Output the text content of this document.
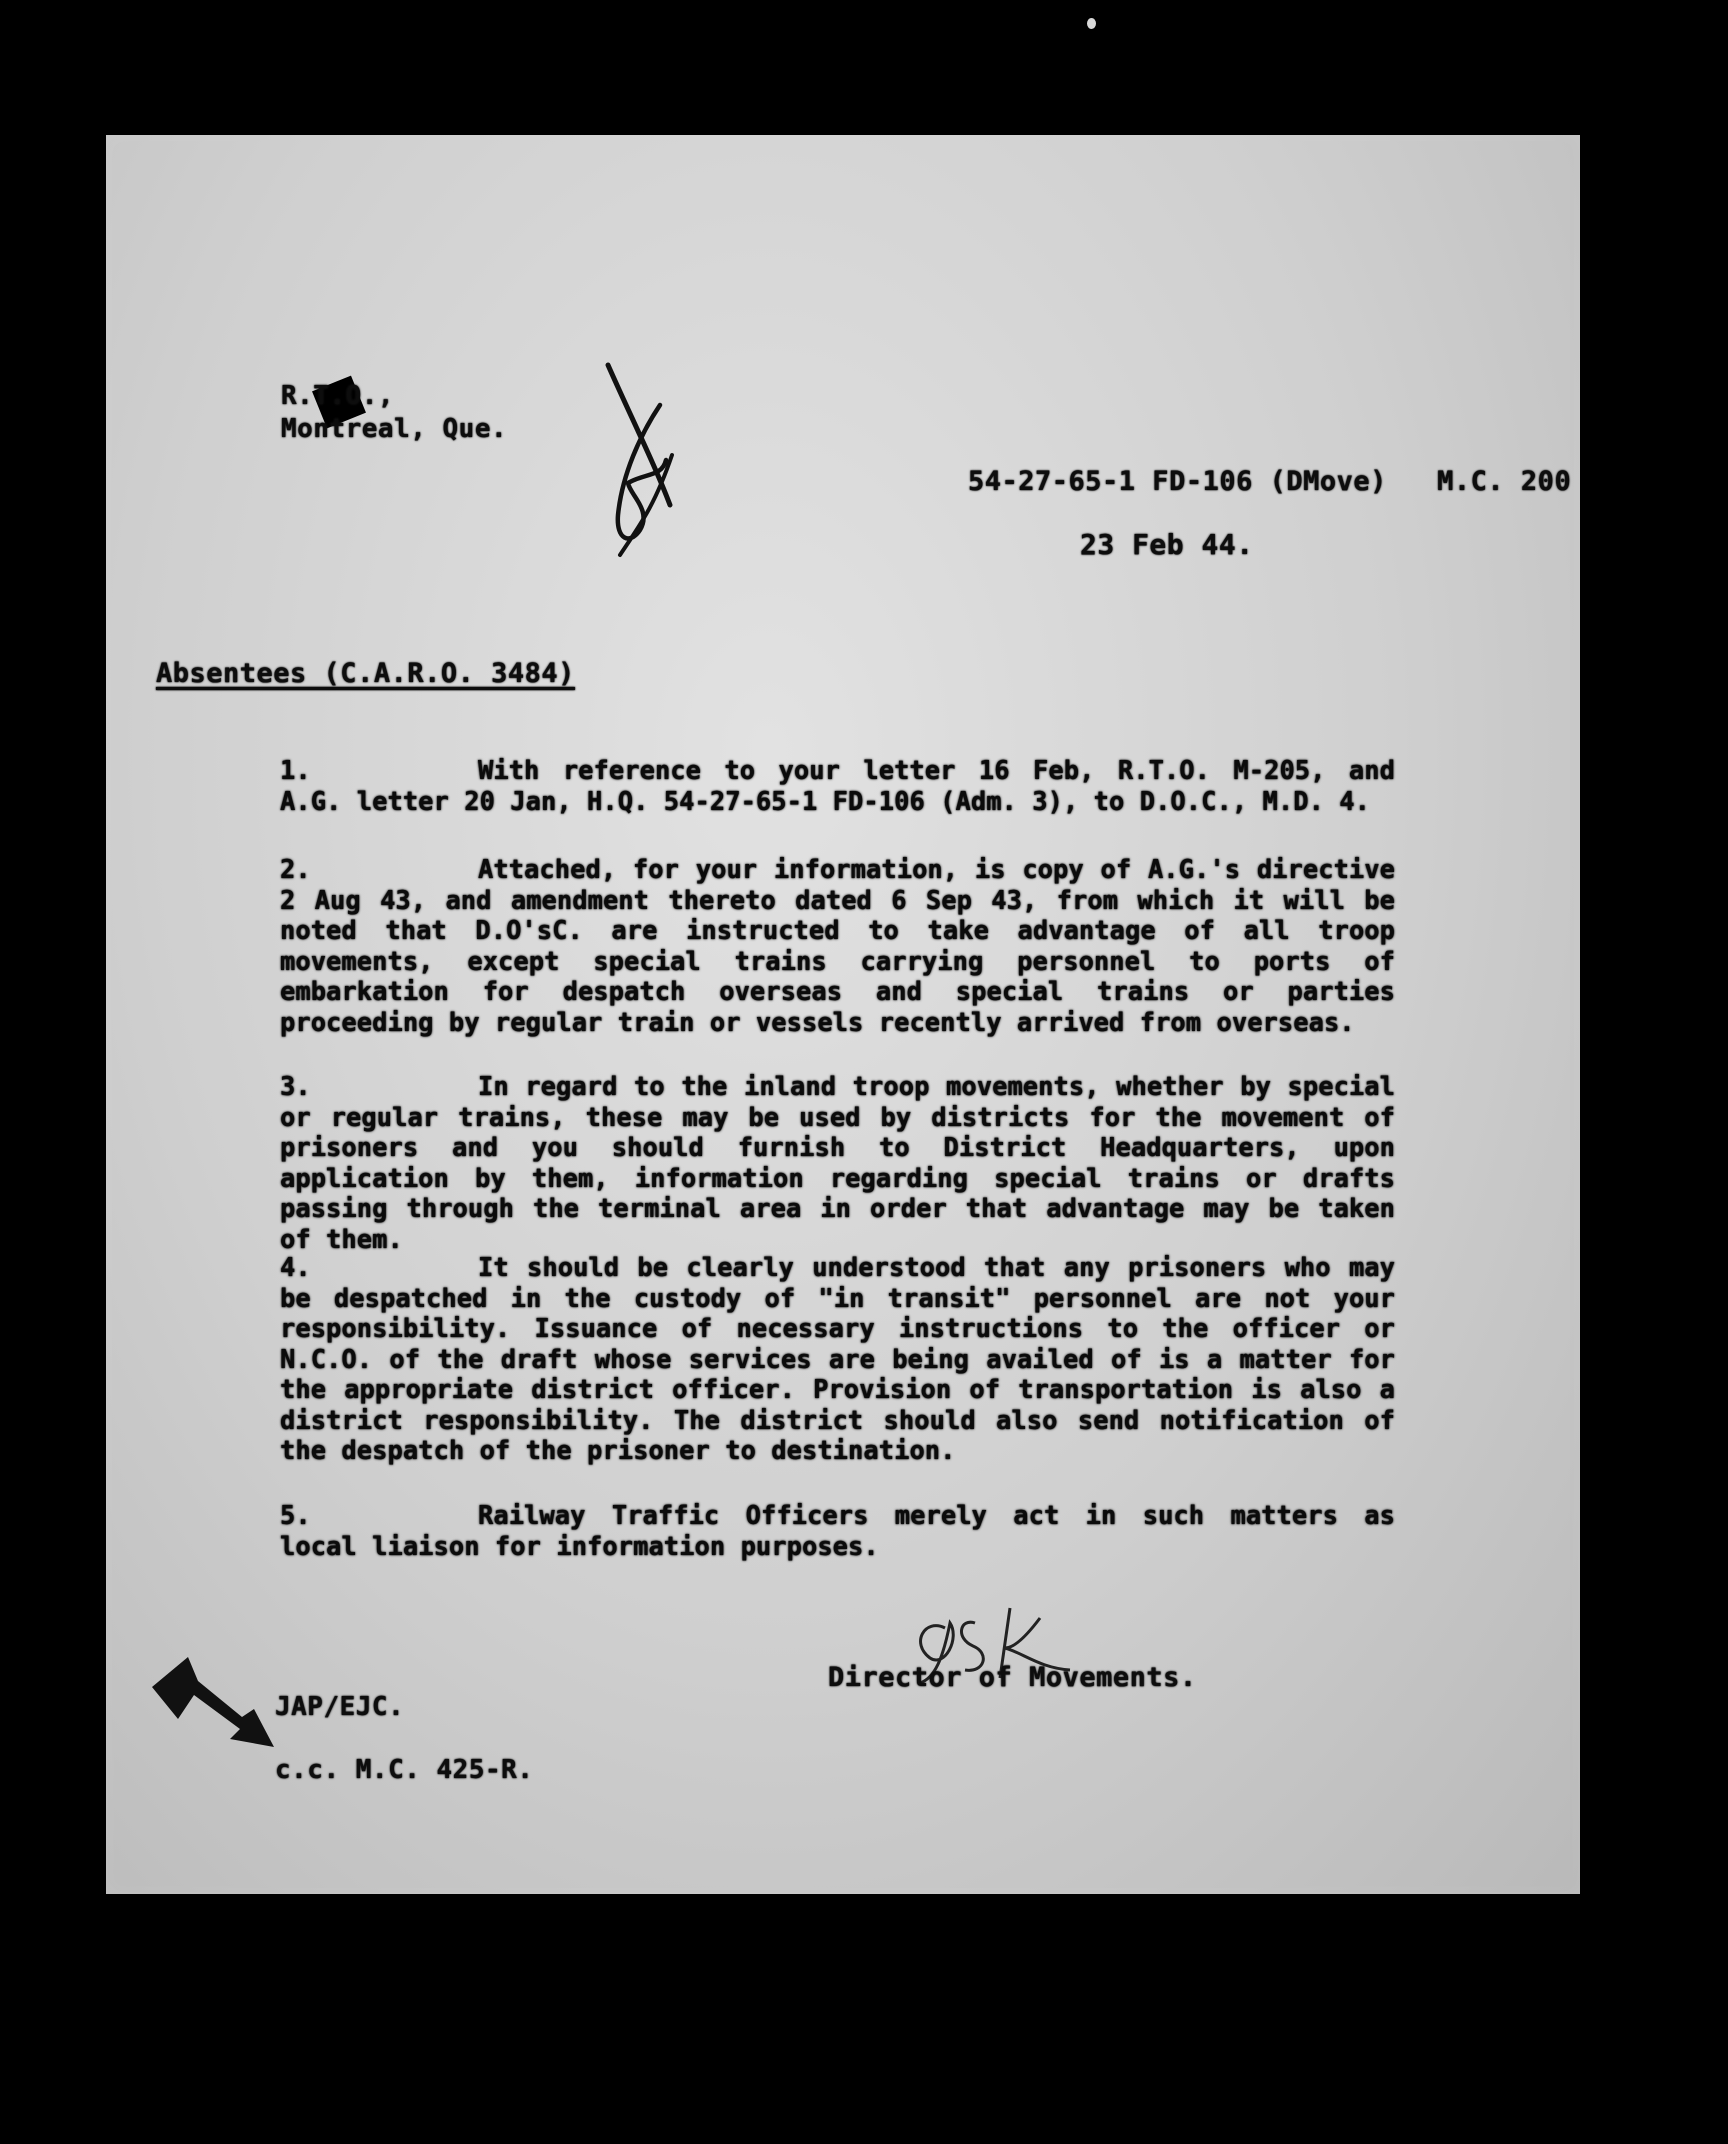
R.T.O.,
Montreal, Que.
54-27-65-1 FD-106 (DMove)   M.C. 200
23 Feb 44.
Absentees (C.A.R.O. 3484)
1.	With reference to your letter 16 Feb, R.T.O. M-205, and A.G. letter 20 Jan, H.Q. 54-27-65-1 FD-106 (Adm. 3), to D.O.C., M.D. 4.
2.	Attached, for your information, is copy of A.G.'s directive 2 Aug 43, and amendment thereto dated 6 Sep 43, from which it will be noted that D.O'sC. are instructed to take advantage of all troop movements, except special trains carrying personnel to ports of embarkation for despatch overseas and special trains or parties proceeding by regular train or vessels recently arrived from overseas.
3.	In regard to the inland troop movements, whether by special or regular trains, these may be used by districts for the movement of prisoners and you should furnish to District Headquarters, upon application by them, information regarding special trains or drafts passing through the terminal area in order that advantage may be taken of them.
4.	It should be clearly understood that any prisoners who may be despatched in the custody of "in transit" personnel are not your responsibility. Issuance of necessary instructions to the officer or N.C.O. of the draft whose services are being availed of is a matter for the appropriate district officer. Provision of transportation is also a district responsibility. The district should also send notification of the despatch of the prisoner to destination.
5.	Railway Traffic Officers merely act in such matters as local liaison for information purposes.
Director of Movements.
JAP/EJC.
c.c. M.C. 425-R.
